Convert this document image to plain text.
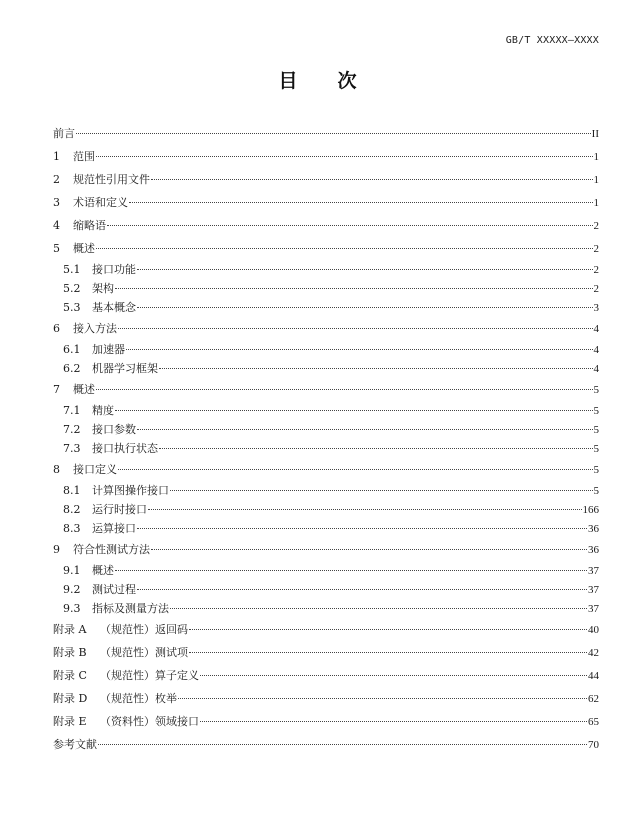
GB/T XXXXX—XXXX
目 次
前言	II
1	范围	1
2	规范性引用文件	1
3	术语和定义	1
4	缩略语	2
5	概述	2
5.1	接口功能	2
5.2	架构	2
5.3	基本概念	3
6	接入方法	4
6.1	加速器	4
6.2	机器学习框架	4
7	概述	5
7.1	精度	5
7.2	接口参数	5
7.3	接口执行状态	5
8	接口定义	5
8.1	计算图操作接口	5
8.2	运行时接口	166
8.3	运算接口	36
9	符合性测试方法	36
9.1	概述	37
9.2	测试过程	37
9.3	指标及测量方法	37
附录 A	（规范性）返回码	40
附录 B	（规范性）测试项	42
附录 C	（规范性）算子定义	44
附录 D	（规范性）枚举	62
附录 E	（资料性）领域接口	65
参考文献	70
